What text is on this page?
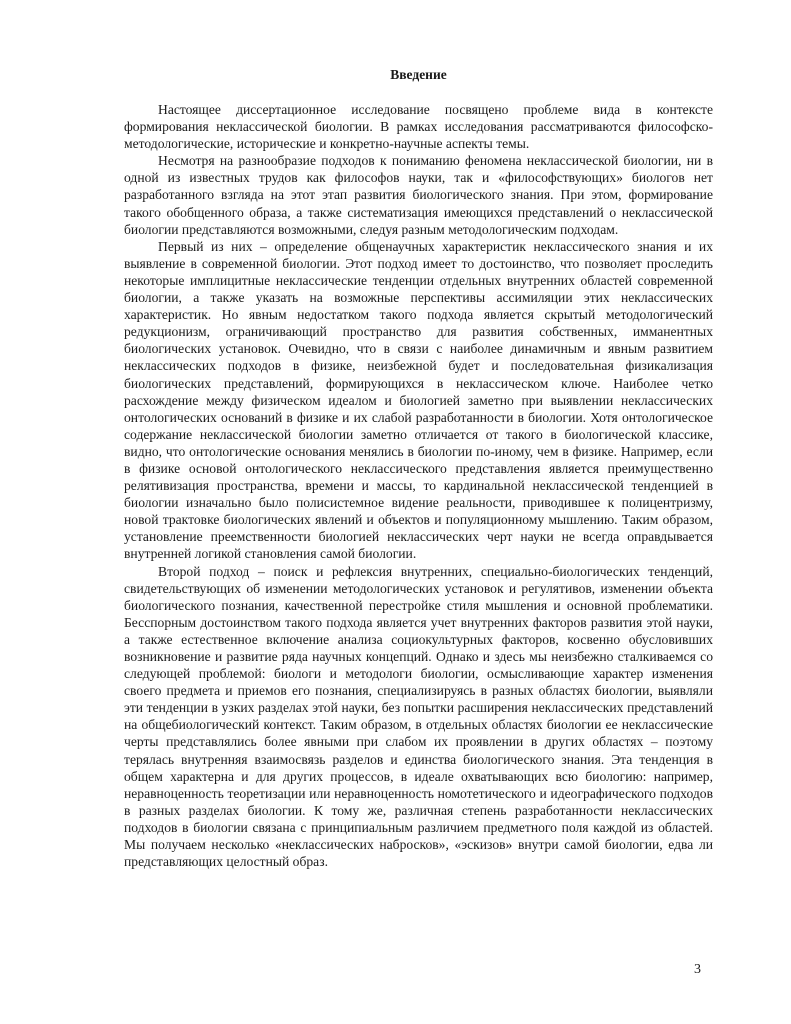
Введение

Настоящее диссертационное исследование посвящено проблеме вида в контексте формирования неклассической биологии. В рамках исследования рассматриваются философско-методологические, исторические и конкретно-научные аспекты темы.

Несмотря на разнообразие подходов к пониманию феномена неклассической биологии, ни в одной из известных трудов как философов науки, так и «философствующих» биологов нет разработанного взгляда на этот этап развития биологического знания. При этом, формирование такого обобщенного образа, а также систематизация имеющихся представлений о неклассической биологии представляются возможными, следуя разным методологическим подходам.

Первый из них – определение общенаучных характеристик неклассического знания и их выявление в современной биологии. Этот подход имеет то достоинство, что позволяет проследить некоторые имплицитные неклассические тенденции отдельных внутренних областей современной биологии, а также указать на возможные перспективы ассимиляции этих неклассических характеристик. Но явным недостатком такого подхода является скрытый методологический редукционизм, ограничивающий пространство для развития собственных, имманентных биологических установок. Очевидно, что в связи с наиболее динамичным и явным развитием неклассических подходов в физике, неизбежной будет и последовательная физикализация биологических представлений, формирующихся в неклассическом ключе. Наиболее четко расхождение между физическом идеалом и биологией заметно при выявлении неклассических онтологических оснований в физике и их слабой разработанности в биологии. Хотя онтологическое содержание неклассической биологии заметно отличается от такого в биологической классике, видно, что онтологические основания менялись в биологии по-иному, чем в физике. Например, если в физике основой онтологического неклассического представления является преимущественно релятивизация пространства, времени и массы, то кардинальной неклассической тенденцией в биологии изначально было полисистемное видение реальности, приводившее к полицентризму, новой трактовке биологических явлений и объектов и популяционному мышлению. Таким образом, установление преемственности биологией неклассических черт науки не всегда оправдывается внутренней логикой становления самой биологии.

Второй подход – поиск и рефлексия внутренних, специально-биологических тенденций, свидетельствующих об изменении методологических установок и регулятивов, изменении объекта биологического познания, качественной перестройке стиля мышления и основной проблематики. Бесспорным достоинством такого подхода является учет внутренних факторов развития этой науки, а также естественное включение анализа социокультурных факторов, косвенно обусловивших возникновение и развитие ряда научных концепций. Однако и здесь мы неизбежно сталкиваемся со следующей проблемой: биологи и методологи биологии, осмысливающие характер изменения своего предмета и приемов его познания, специализируясь в разных областях биологии, выявляли эти тенденции в узких разделах этой науки, без попытки расширения неклассических представлений на общебиологический контекст. Таким образом, в отдельных областях биологии ее неклассические черты представлялись более явными при слабом их проявлении в других областях – поэтому терялась внутренняя взаимосвязь разделов и единства биологического знания. Эта тенденция в общем характерна и для других процессов, в идеале охватывающих всю биологию: например, неравноценность теоретизации или неравноценность номотетического и идеографического подходов в разных разделах биологии. К тому же, различная степень разработанности неклассических подходов в биологии связана с принципиальным различием предметного поля каждой из областей. Мы получаем несколько «неклассических набросков», «эскизов» внутри самой биологии, едва ли представляющих целостный образ.

3
